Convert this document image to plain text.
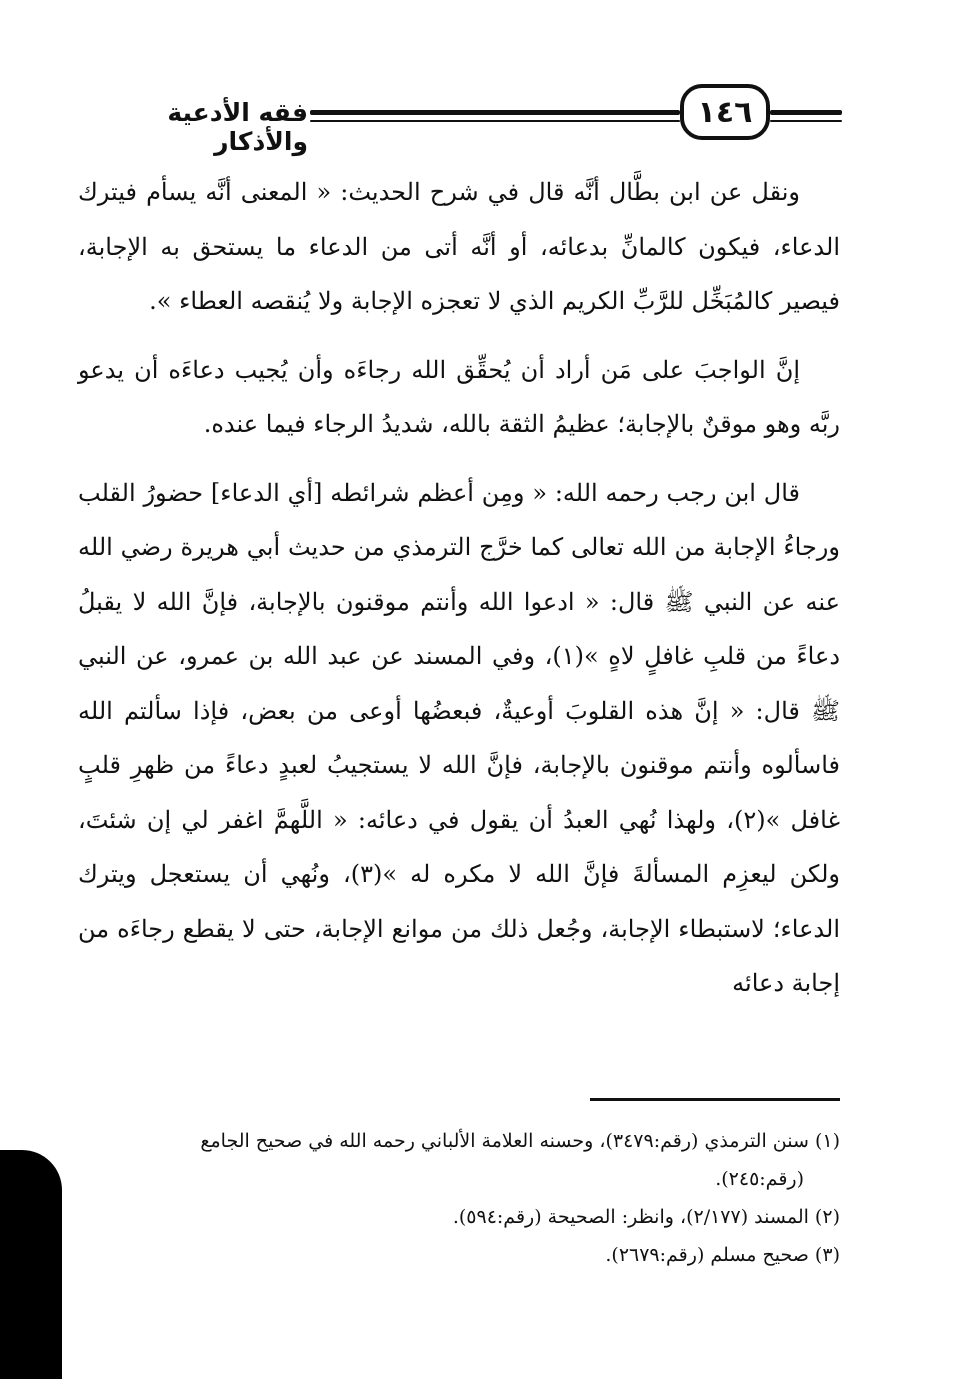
١٤٦
فقه الأدعية والأذكار

ونقل عن ابن بطَّال أنَّه قال في شرح الحديث: « المعنى أنَّه يسأم فيترك الدعاء، فيكون كالمانِّ بدعائه، أو أنَّه أتى من الدعاء ما يستحق به الإجابة، فيصير كالمُبَخِّل للرَّبِّ الكريم الذي لا تعجزه الإجابة ولا يُنقصه العطاء ».

إنَّ الواجبَ على مَن أراد أن يُحقِّق الله رجاءَه وأن يُجيب دعاءَه أن يدعو ربَّه وهو موقنٌ بالإجابة؛ عظيمُ الثقة بالله، شديدُ الرجاء فيما عنده.

قال ابن رجب رحمه الله: « ومِن أعظم شرائطه [أي الدعاء] حضورُ القلب ورجاءُ الإجابة من الله تعالى كما خرَّج الترمذي من حديث أبي هريرة رضي الله عنه عن النبي ﷺ قال: « ادعوا الله وأنتم موقنون بالإجابة، فإنَّ الله لا يقبلُ دعاءً من قلبِ غافلٍ لاهٍ »(١)، وفي المسند عن عبد الله بن عمرو، عن النبي ﷺ قال: « إنَّ هذه القلوبَ أوعيةٌ، فبعضُها أوعى من بعض، فإذا سألتم الله فاسألوه وأنتم موقنون بالإجابة، فإنَّ الله لا يستجيبُ لعبدٍ دعاءً من ظهرِ قلبٍ غافل »(٢)، ولهذا نُهي العبدُ أن يقول في دعائه: « اللَّهمَّ اغفر لي إن شئتَ، ولكن ليعزِم المسألةَ فإنَّ الله لا مكره له »(٣)، ونُهي أن يستعجل ويترك الدعاء؛ لاستبطاء الإجابة، وجُعل ذلك من موانع الإجابة، حتى لا يقطع رجاءَه من إجابة دعائه

(١) سنن الترمذي (رقم:٣٤٧٩)، وحسنه العلامة الألباني رحمه الله في صحيح الجامع

(رقم:٢٤٥).

(٢) المسند (٢/١٧٧)، وانظر: الصحيحة (رقم:٥٩٤).

(٣) صحيح مسلم (رقم:٢٦٧٩).
